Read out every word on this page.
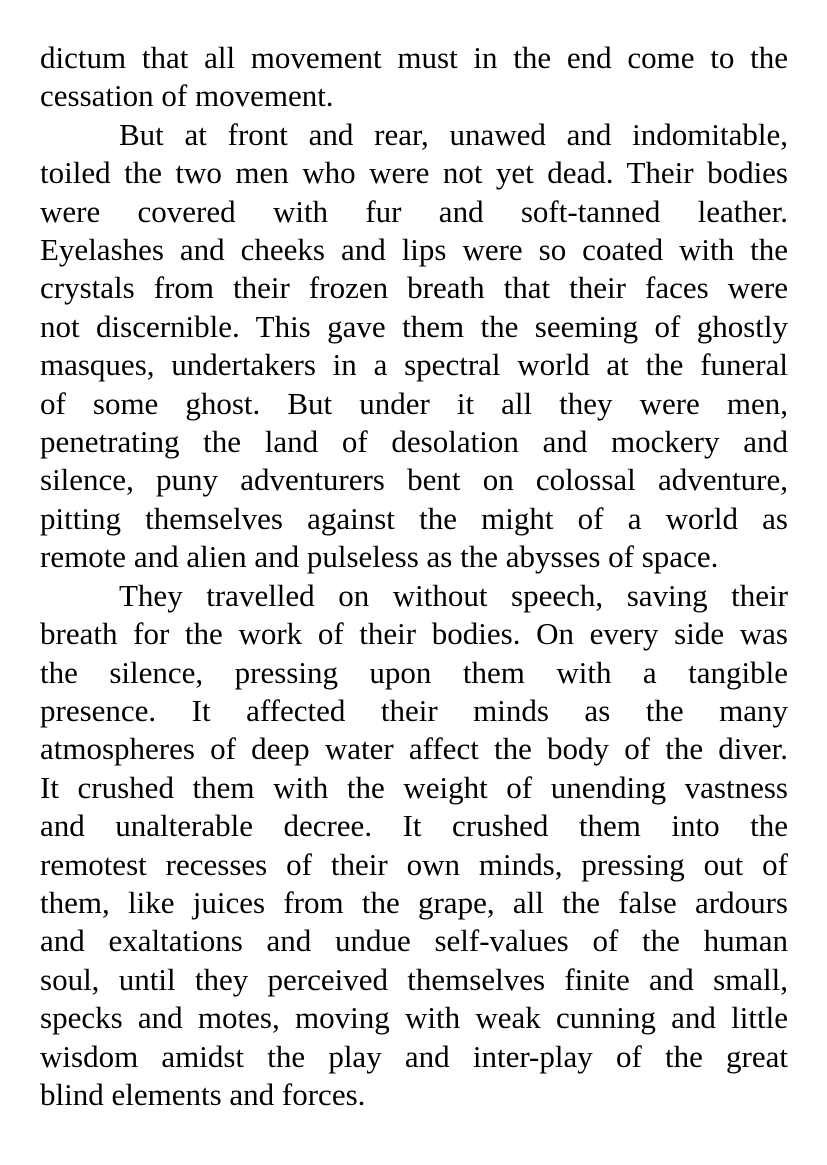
dictum that all movement must in the end come to the
cessation of movement.

But at front and rear, unawed and indomitable,
toiled the two men who were not yet dead. Their bodies
were covered with fur and soft-tanned leather.
Eyelashes and cheeks and lips were so coated with the
crystals from their frozen breath that their faces were
not discernible. This gave them the seeming of ghostly
masques, undertakers in a spectral world at the funeral
of some ghost. But under it all they were men,
penetrating the land of desolation and mockery and
silence, puny adventurers bent on colossal adventure,
pitting themselves against the might of a world as
remote and alien and pulseless as the abysses of space.

They travelled on without speech, saving their
breath for the work of their bodies. On every side was
the silence, pressing upon them with a tangible
presence. It affected their minds as the many
atmospheres of deep water affect the body of the diver.
It crushed them with the weight of unending vastness
and unalterable decree. It crushed them into the
remotest recesses of their own minds, pressing out of
them, like juices from the grape, all the false ardours
and exaltations and undue self-values of the human
soul, until they perceived themselves finite and small,
specks and motes, moving with weak cunning and little
wisdom amidst the play and inter-play of the great
blind elements and forces.
